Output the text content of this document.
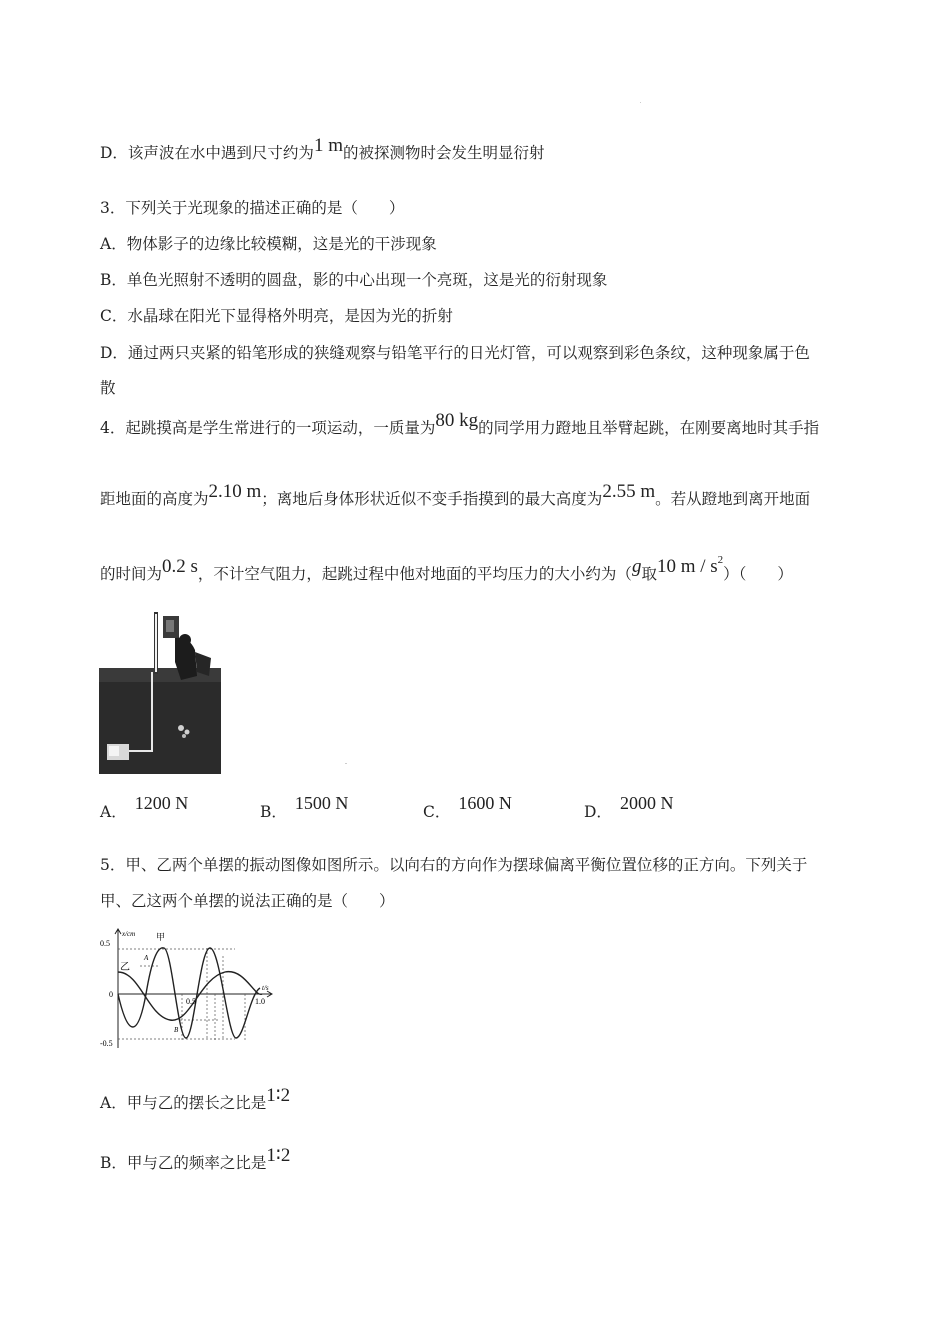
D．该声波在水中遇到尺寸约为1 m的被探测物时会发生明显衍射
3．下列关于光现象的描述正确的是（　　）
A．物体影子的边缘比较模糊，这是光的干涉现象
B．单色光照射不透明的圆盘，影的中心出现一个亮斑，这是光的衍射现象
C．水晶球在阳光下显得格外明亮，是因为光的折射
D．通过两只夹紧的铅笔形成的狭缝观察与铅笔平行的日光灯管，可以观察到彩色条纹，这种现象属于色
散
4．起跳摸高是学生常进行的一项运动，一质量为80 kg的同学用力蹬地且举臂起跳，在刚要离地时其手指
距地面的高度为2.10 m；离地后身体形状近似不变手指摸到的最大高度为2.55 m。若从蹬地到离开地面
的时间为0.2 s，不计空气阻力，起跳过程中他对地面的平均压力的大小约为（g取10 m / $s^2$）（　　）
A． 1200 N	B． 1500 N	C． 1600 N	D． 2000 N
5．甲、乙两个单摆的振动图像如图所示。以向右的方向作为摆球偏离平衡位置位移的正方向。下列关于
甲、乙这两个单摆的说法正确的是（　　）
0.5
-0.5
0
x/cm
t/s
0.5	1.0
甲
乙
A
B
A．甲与乙的摆长之比是1∶2
B．甲与乙的频率之比是1∶2
